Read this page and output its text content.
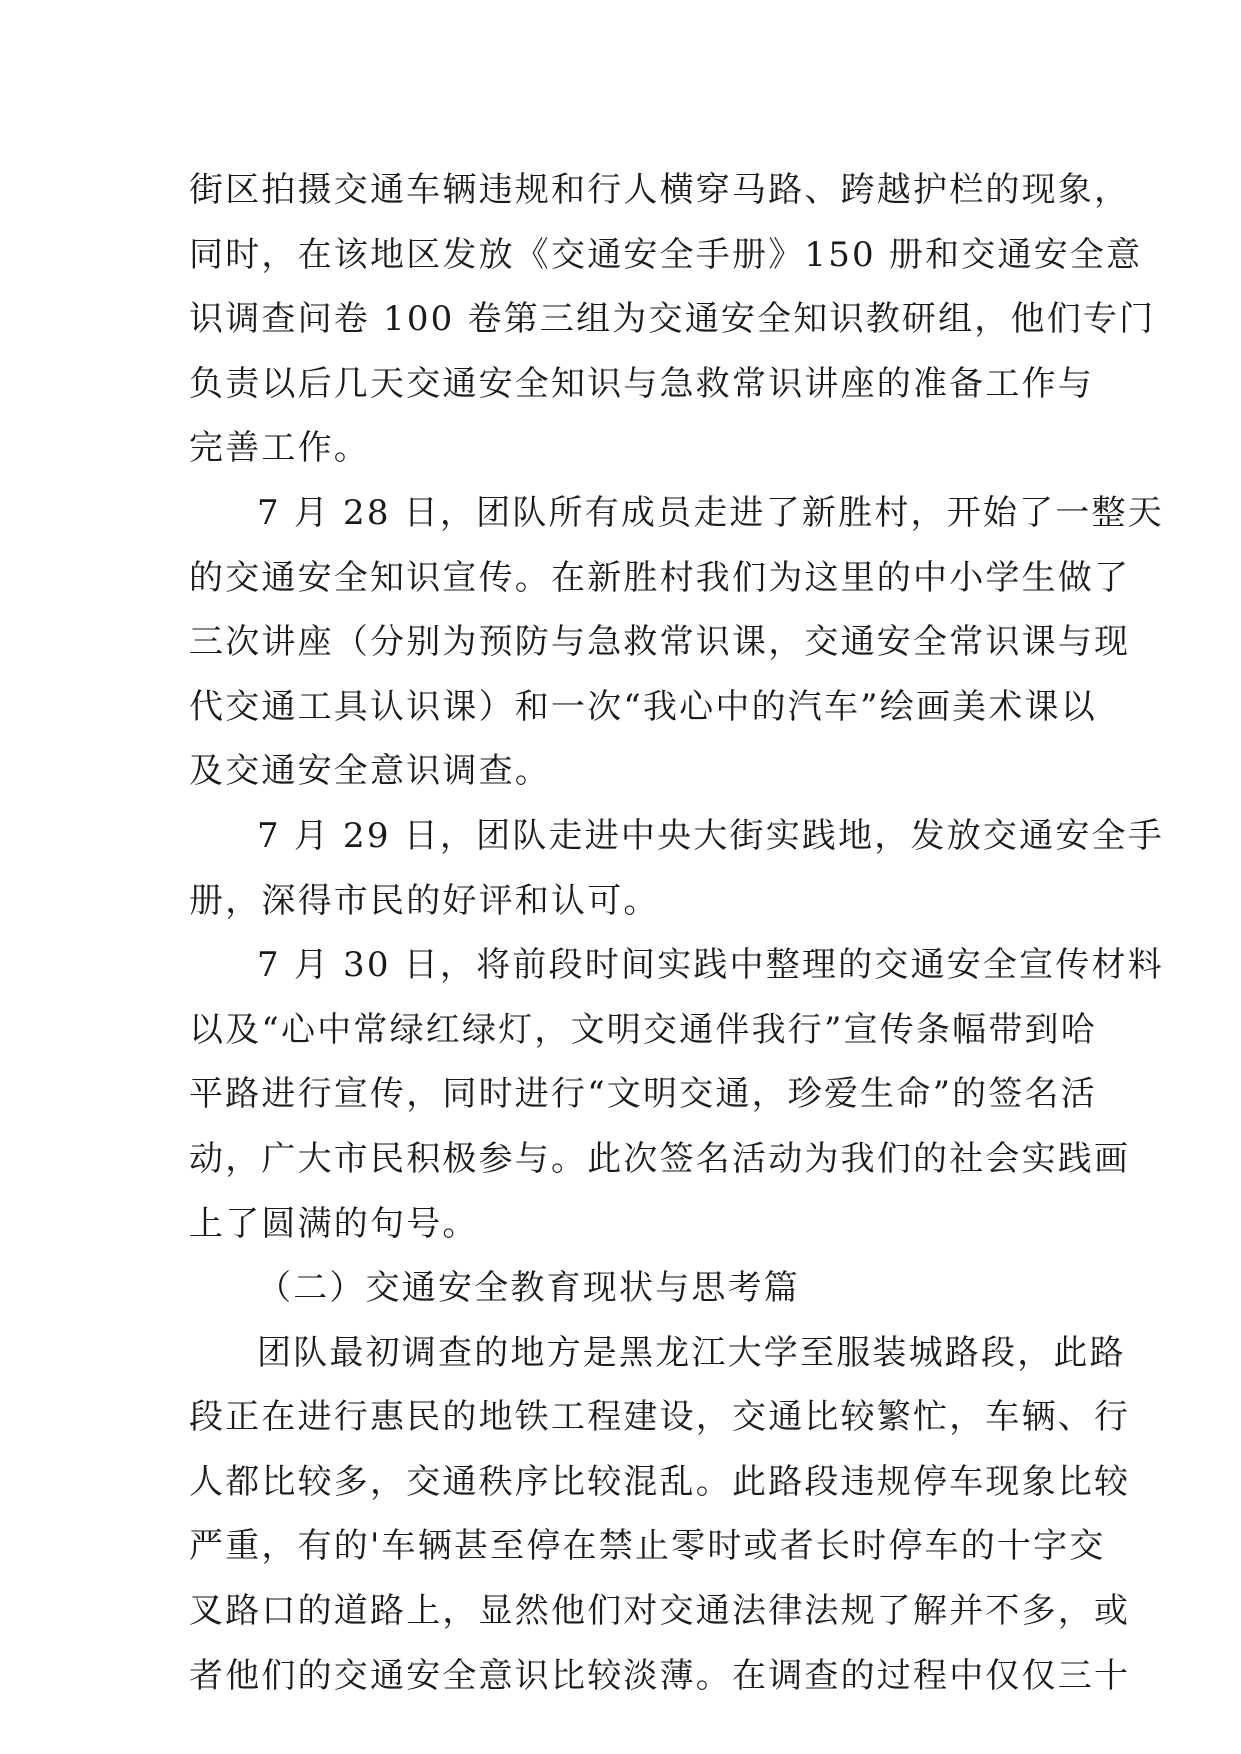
街区拍摄交通车辆违规和行人横穿马路、跨越护栏的现象，
同时，在该地区发放《交通安全手册》150 册和交通安全意
识调查问卷 100 卷第三组为交通安全知识教研组，他们专门
负责以后几天交通安全知识与急救常识讲座的准备工作与
完善工作。
7 月 28 日，团队所有成员走进了新胜村，开始了一整天
的交通安全知识宣传。在新胜村我们为这里的中小学生做了
三次讲座（分别为预防与急救常识课，交通安全常识课与现
代交通工具认识课）和一次“我心中的汽车”绘画美术课以
及交通安全意识调查。
7 月 29 日，团队走进中央大街实践地，发放交通安全手
册，深得市民的好评和认可。
7 月 30 日，将前段时间实践中整理的交通安全宣传材料
以及“心中常绿红绿灯，文明交通伴我行”宣传条幅带到哈
平路进行宣传，同时进行“文明交通，珍爱生命”的签名活
动，广大市民积极参与。此次签名活动为我们的社会实践画
上了圆满的句号。
（二）交通安全教育现状与思考篇
团队最初调查的地方是黑龙江大学至服装城路段，此路
段正在进行惠民的地铁工程建设，交通比较繁忙，车辆、行
人都比较多，交通秩序比较混乱。此路段违规停车现象比较
严重，有的'车辆甚至停在禁止零时或者长时停车的十字交
叉路口的道路上，显然他们对交通法律法规了解并不多，或
者他们的交通安全意识比较淡薄。在调查的过程中仅仅三十
